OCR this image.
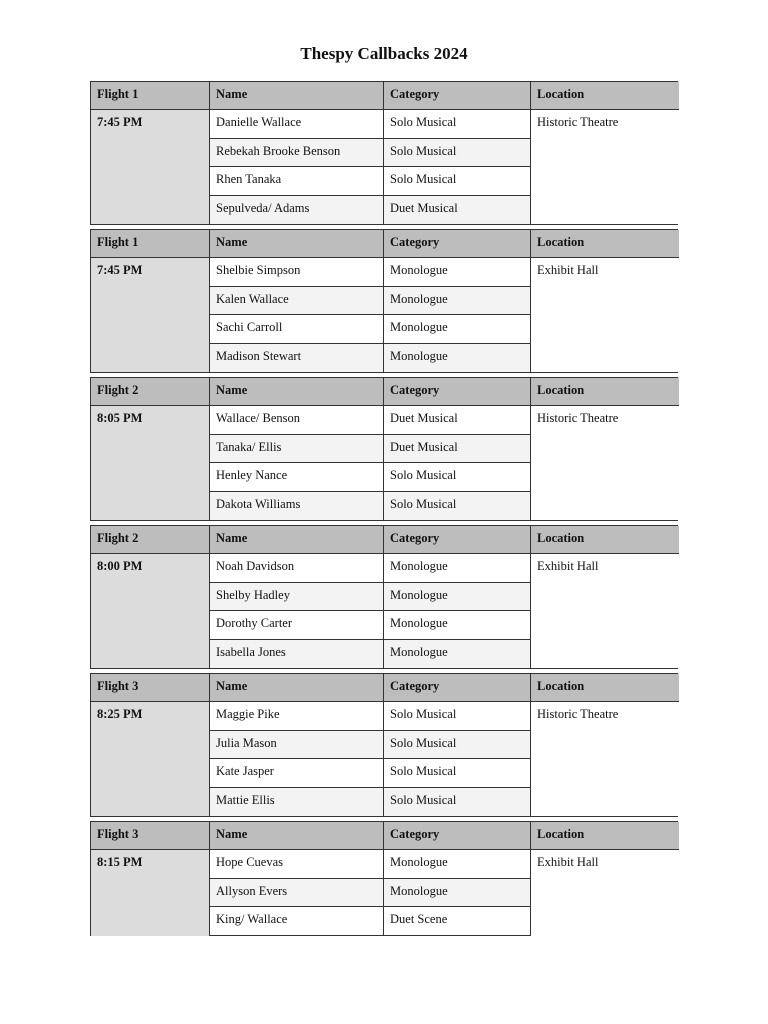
Thespy Callbacks 2024
Flight 1	Name	Category	Location
7:45 PM	Danielle Wallace	Solo Musical	Historic Theatre
Rebekah Brooke Benson	Solo Musical
Rhen Tanaka	Solo Musical
Sepulveda/ Adams	Duet Musical
Flight 1	Name	Category	Location
7:45 PM	Shelbie Simpson	Monologue	Exhibit Hall
Kalen Wallace	Monologue
Sachi Carroll	Monologue
Madison Stewart	Monologue
Flight 2	Name	Category	Location
8:05 PM	Wallace/ Benson	Duet Musical	Historic Theatre
Tanaka/ Ellis	Duet Musical
Henley Nance	Solo Musical
Dakota Williams	Solo Musical
Flight 2	Name	Category	Location
8:00 PM	Noah Davidson	Monologue	Exhibit Hall
Shelby Hadley	Monologue
Dorothy Carter	Monologue
Isabella Jones	Monologue
Flight 3	Name	Category	Location
8:25 PM	Maggie Pike	Solo Musical	Historic Theatre
Julia Mason	Solo Musical
Kate Jasper	Solo Musical
Mattie Ellis	Solo Musical
Flight 3	Name	Category	Location
8:15 PM	Hope Cuevas	Monologue	Exhibit Hall
Allyson Evers	Monologue
King/ Wallace	Duet Scene
